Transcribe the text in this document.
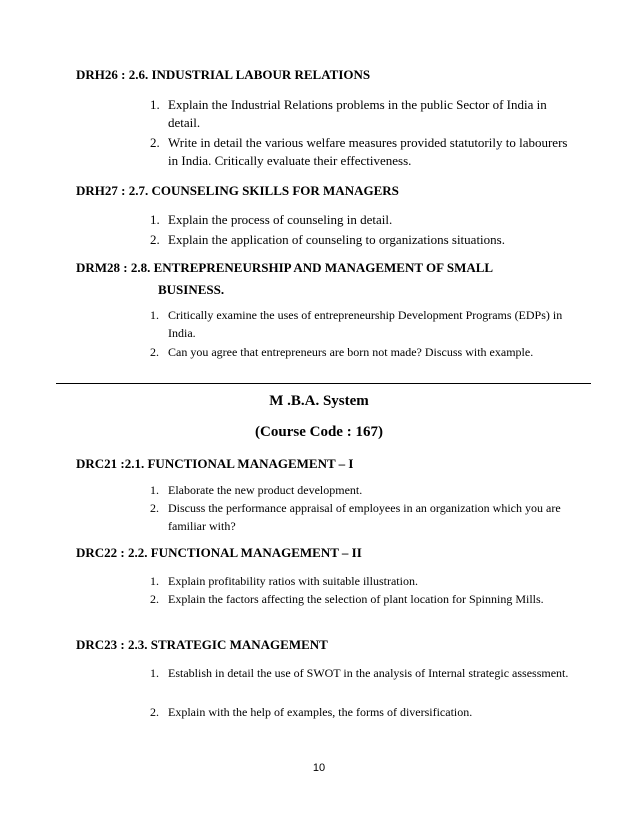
DRH26 : 2.6. INDUSTRIAL LABOUR RELATIONS
1. Explain the Industrial Relations problems in the public Sector of India in detail.
2. Write in detail the various welfare measures provided statutorily to labourers in India. Critically evaluate their effectiveness.
DRH27 : 2.7. COUNSELING SKILLS FOR MANAGERS
1. Explain the process of counseling in detail.
2. Explain the application of counseling to organizations situations.
DRM28 : 2.8. ENTREPRENEURSHIP AND MANAGEMENT OF SMALL
BUSINESS.
1. Critically examine the uses of entrepreneurship Development Programs (EDPs) in India.
2. Can you agree that entrepreneurs are born not made? Discuss with example.
M .B.A. System
(Course Code : 167)
DRC21 :2.1. FUNCTIONAL MANAGEMENT – I
1. Elaborate the new product development.
2. Discuss the performance appraisal of employees in an organization which you are familiar with?
DRC22 : 2.2. FUNCTIONAL MANAGEMENT – II
1. Explain profitability ratios with suitable illustration.
2. Explain the factors affecting the selection of plant location for Spinning Mills.
DRC23 : 2.3. STRATEGIC MANAGEMENT
1. Establish in detail the use of SWOT in the analysis of Internal strategic assessment.
2. Explain with the help of examples, the forms of diversification.
10
